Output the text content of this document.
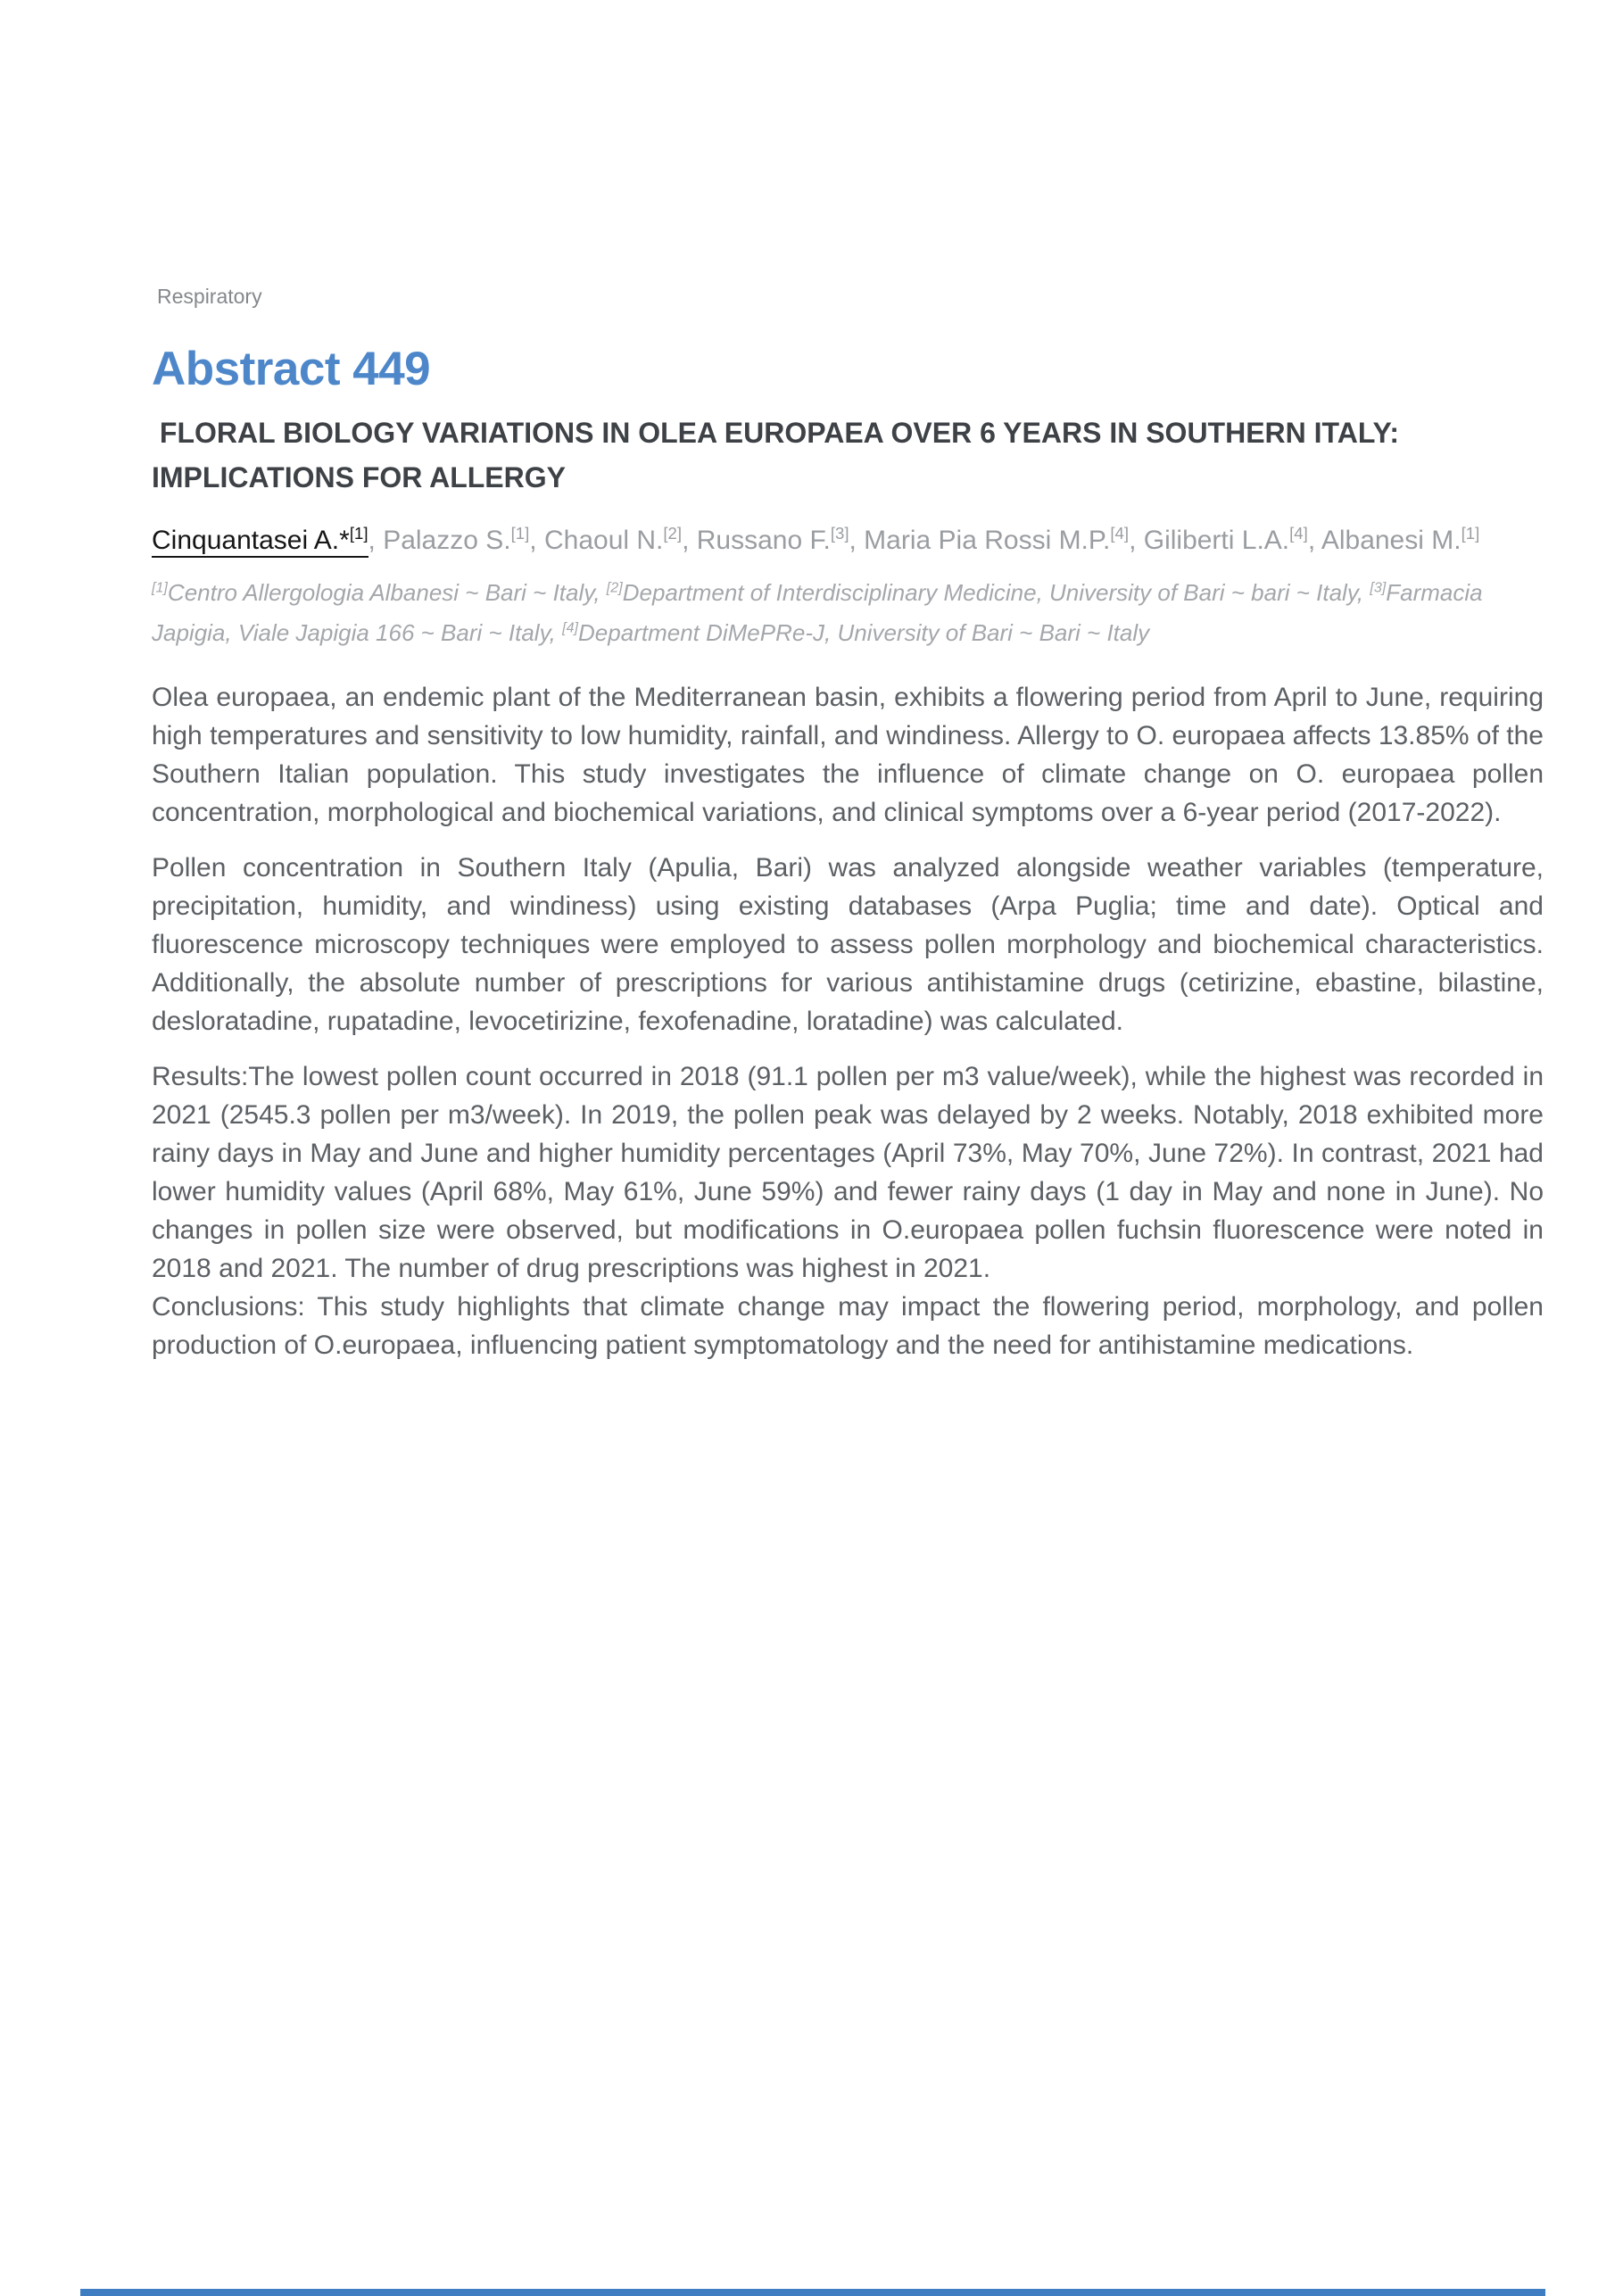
Respiratory
Abstract 449
FLORAL BIOLOGY VARIATIONS IN OLEA EUROPAEA OVER 6 YEARS IN SOUTHERN ITALY: IMPLICATIONS FOR ALLERGY
Cinquantasei A.*[1], Palazzo S.[1], Chaoul N.[2], Russano F.[3], Maria Pia Rossi M.P.[4], Giliberti L.A.[4], Albanesi M.[1]
[1]Centro Allergologia Albanesi ~ Bari ~ Italy, [2]Department of Interdisciplinary Medicine, University of Bari ~ bari ~ Italy, [3]Farmacia Japigia, Viale Japigia 166 ~ Bari ~ Italy, [4]Department DiMePRe-J, University of Bari ~ Bari ~ Italy

Olea europaea, an endemic plant of the Mediterranean basin, exhibits a flowering period from April to June, requiring high temperatures and sensitivity to low humidity, rainfall, and windiness. Allergy to O. europaea affects 13.85% of the Southern Italian population. This study investigates the influence of climate change on O. europaea pollen concentration, morphological and biochemical variations, and clinical symptoms over a 6-year period (2017-2022).

Pollen concentration in Southern Italy (Apulia, Bari) was analyzed alongside weather variables (temperature, precipitation, humidity, and windiness) using existing databases (Arpa Puglia; time and date). Optical and fluorescence microscopy techniques were employed to assess pollen morphology and biochemical characteristics. Additionally, the absolute number of prescriptions for various antihistamine drugs (cetirizine, ebastine, bilastine, desloratadine, rupatadine, levocetirizine, fexofenadine, loratadine) was calculated.

Results:The lowest pollen count occurred in 2018 (91.1 pollen per m3 value/week), while the highest was recorded in 2021 (2545.3 pollen per m3/week). In 2019, the pollen peak was delayed by 2 weeks. Notably, 2018 exhibited more rainy days in May and June and higher humidity percentages (April 73%, May 70%, June 72%). In contrast, 2021 had lower humidity values (April 68%, May 61%, June 59%) and fewer rainy days (1 day in May and none in June). No changes in pollen size were observed, but modifications in O.europaea pollen fuchsin fluorescence were noted in 2018 and 2021. The number of drug prescriptions was highest in 2021.

Conclusions: This study highlights that climate change may impact the flowering period, morphology, and pollen production of O.europaea, influencing patient symptomatology and the need for antihistamine medications.
